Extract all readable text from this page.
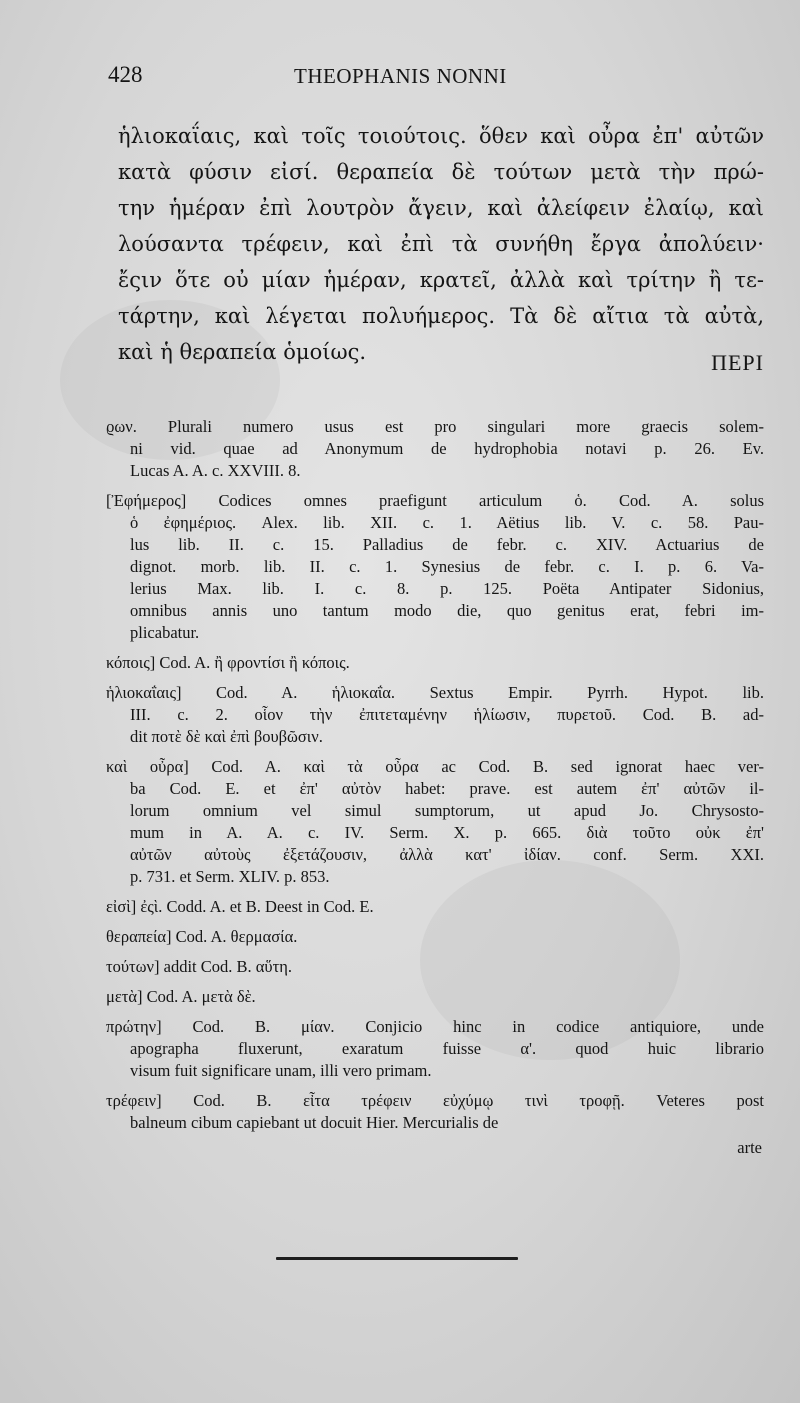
428	THEOPHANIS NONNI
ἡλιοκαΐαις, καὶ τοῖς τοιούτοις. ὅθεν καὶ οὖρα ἐπ' αὐτῶν
κατὰ φύσιν εἰσί. θεραπεία δὲ τούτων μετὰ τὴν πρώ-
την ἡμέραν ἐπὶ λουτρὸν ἄγειν, καὶ ἀλείφειν ἐλαίῳ, καὶ
λούσαντα τρέφειν, καὶ ἐπὶ τὰ συνήθη ἔργα ἀπολύειν·
ἔςιν ὅτε οὐ μίαν ἡμέραν, κρατεῖ, ἀλλὰ καὶ τρίτην ἢ τε-
τάρτην, καὶ λέγεται πολυήμερος. Τὰ δὲ αἴτια τὰ αὐτὰ,
καὶ ἡ θεραπεία ὁμοίως.	ΠΕΡΙ
ϱων. Plurali numero usus est pro singulari more graecis solem-
ni vid. quae ad Anonymum de hydrophobia notavi p. 26. Ev.
Lucas A. A. c. XXVIII. 8.
[Ἐφήμερος] Codices omnes praefigunt articulum ὁ. Cod. A. solus
ὁ ἐφημέριος. Alex. lib. XII. c. 1. Aëtius lib. V. c. 58. Pau-
lus lib. II. c. 15. Palladius de febr. c. XIV. Actuarius de
dignot. morb. lib. II. c. 1. Synesius de febr. c. I. p. 6. Va-
lerius Max. lib. I. c. 8. p. 125. Poëta Antipater Sidonius,
omnibus annis uno tantum modo die, quo genitus erat, febri im-
plicabatur.
κόποις] Cod. A. ἢ φροντίσι ἢ κόποις.
ἡλιοκαΐαις] Cod. A. ἡλιοκαΐα. Sextus Empir. Pyrrh. Hypot. lib.
III. c. 2. οἷον τὴν ἐπιτεταμένην ἡλίωσιν, πυρετοῦ. Cod. B. ad-
dit ποτὲ δὲ καὶ ἐπὶ βουβῶσιν.
καὶ οὖρα] Cod. A. καὶ τὰ οὖρα ac Cod. B. sed ignorat haec ver-
ba Cod. E. et ἐπ' αὐτὸν habet: prave. est autem ἐπ' αὐτῶν il-
lorum omnium vel simul sumptorum, ut apud Jo. Chrysosto-
mum in A. A. c. IV. Serm. X. p. 665. διὰ τοῦτο οὐκ ἐπ'
αὐτῶν αὐτοὺς ἐξετάζουσιν, ἀλλὰ κατ' ἰδίαν. conf. Serm. XXI.
p. 731. et Serm. XLIV. p. 853.
εἰσὶ] ἐςὶ. Codd. A. et B. Deest in Cod. E.
θεραπεία] Cod. A. θερμασία.
τούτων] addit Cod. B. αὕτη.
μετὰ] Cod. A. μετὰ δὲ.
πρώτην] Cod. B. μίαν. Conjicio hinc in codice antiquiore, unde
apographa fluxerunt, exaratum fuisse α'. quod huic librario
visum fuit significare unam, illi vero primam.
τρέφειν] Cod. B. εἶτα τρέφειν εὐχύμῳ τινὶ τροφῇ. Veteres post
balneum cibum capiebant ut docuit Hier. Mercurialis de
arte
